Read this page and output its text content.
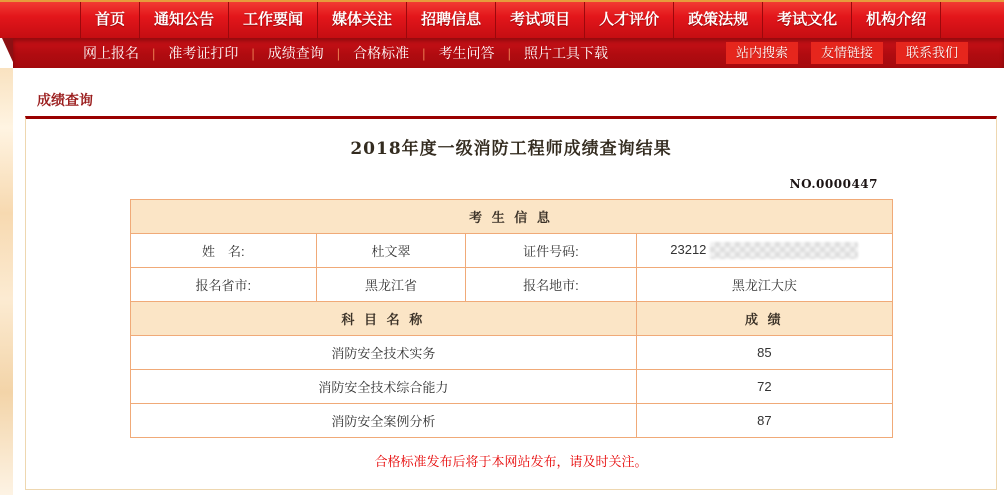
首页	通知公告	工作要闻	媒体关注	招聘信息	考试项目	人才评价	政策法规	考试文化	机构介绍
网上报名 | 准考证打印 | 成绩查询 | 合格标准 | 考生问答 | 照片工具下载	站内搜索	友情链接	联系我们
成绩查询
2018年度一级消防工程师成绩查询结果
NO.0000447
考 生 信 息			
姓　名:	杜文翠	证件号码:	23212
报名省市:	黑龙江省	报名地市:	黑龙江大庆
科 目 名 称			成 绩
消防安全技术实务			85
消防安全技术综合能力			72
消防安全案例分析			87
合格标准发布后将于本网站发布，请及时关注。
